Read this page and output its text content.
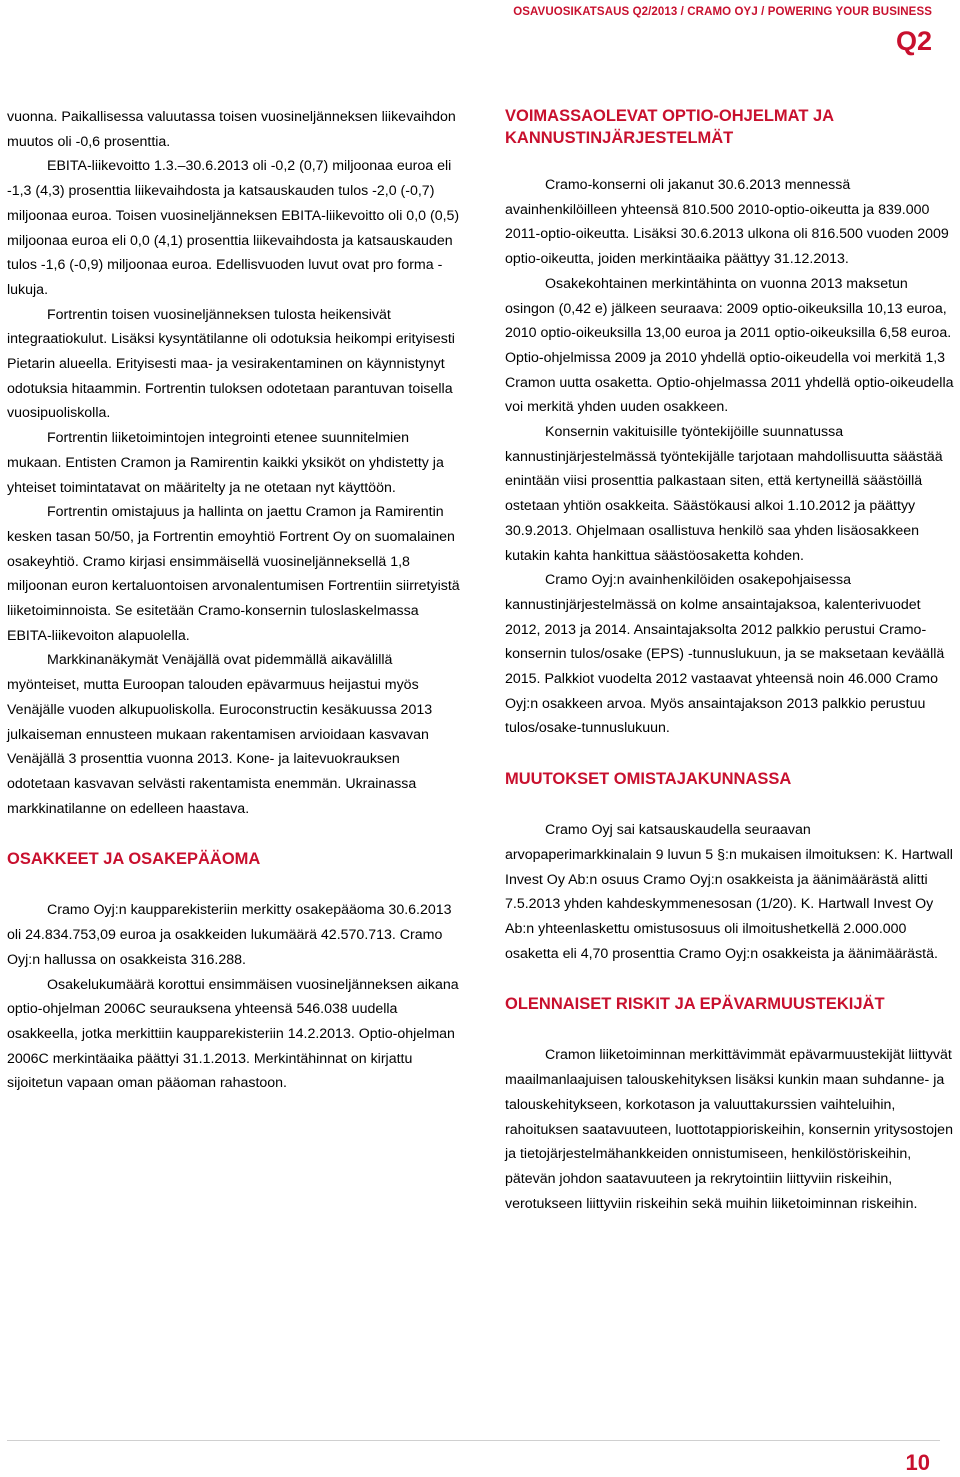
OSAVUOSIKATSAUS Q2/2013 / CRAMO OYJ / POWERING YOUR BUSINESS
Q2

vuonna. Paikallisessa valuutassa toisen vuosineljänneksen liikevaihdon muutos oli -0,6 prosenttia.

EBITA-liikevoitto 1.3.–30.6.2013 oli -0,2 (0,7) miljoonaa euroa eli -1,3 (4,3) prosenttia liikevaihdosta ja katsauskauden tulos -2,0 (-0,7) miljoonaa euroa. Toisen vuosineljänneksen EBITA-liikevoitto oli 0,0 (0,5) miljoonaa euroa eli 0,0 (4,1) prosenttia liikevaihdosta ja katsauskauden tulos -1,6 (-0,9) miljoonaa euroa. Edellisvuoden luvut ovat pro forma -lukuja.

Fortrentin toisen vuosineljänneksen tulosta heikensivät integraatiokulut. Lisäksi kysyntätilanne oli odotuksia heikompi erityisesti Pietarin alueella. Erityisesti maa- ja vesirakentaminen on käynnistynyt odotuksia hitaammin. Fortrentin tuloksen odotetaan parantuvan toisella vuosipuoliskolla.

Fortrentin liiketoimintojen integrointi etenee suunnitelmien mukaan. Entisten Cramon ja Ramirentin kaikki yksiköt on yhdistetty ja yhteiset toimintatavat on määritelty ja ne otetaan nyt käyttöön.

Fortrentin omistajuus ja hallinta on jaettu Cramon ja Ramirentin kesken tasan 50/50, ja Fortrentin emoyhtiö Fortrent Oy on suomalainen osakeyhtiö. Cramo kirjasi ensimmäisellä vuosineljänneksellä 1,8 miljoonan euron kertaluontoisen arvonalentumisen Fortrentiin siirretyistä liiketoiminnoista. Se esitetään Cramo-konsernin tuloslaskelmassa EBITA-liikevoiton alapuolella.

Markkinanäkymät Venäjällä ovat pidemmällä aikavälillä myönteiset, mutta Euroopan talouden epävarmuus heijastui myös Venäjälle vuoden alkupuoliskolla. Euroconstructin kesäkuussa 2013 julkaiseman ennusteen mukaan rakentamisen arvioidaan kasvavan Venäjällä 3 prosenttia vuonna 2013. Kone- ja laitevuokrauksen odotetaan kasvavan selvästi rakentamista enemmän. Ukrainassa markkinatilanne on edelleen haastava.

OSAKKEET JA OSAKEPÄÄOMA

Cramo Oyj:n kaupparekisteriin merkitty osakepääoma 30.6.2013 oli 24.834.753,09 euroa ja osakkeiden lukumäärä 42.570.713. Cramo Oyj:n hallussa on osakkeista 316.288.

Osakelukumäärä korottui ensimmäisen vuosineljänneksen aikana optio-ohjelman 2006C seurauksena yhteensä 546.038 uudella osakkeella, jotka merkittiin kaupparekisteriin 14.2.2013. Optio-ohjelman 2006C merkintäaika päättyi 31.1.2013. Merkintähinnat on kirjattu sijoitetun vapaan oman pääoman rahastoon.

VOIMASSAOLEVAT OPTIO-OHJELMAT JA KANNUSTINJÄRJESTELMÄT

Cramo-konserni oli jakanut 30.6.2013 mennessä avainhenkilöilleen yhteensä 810.500 2010-optio-oikeutta ja 839.000 2011-optio-oikeutta. Lisäksi 30.6.2013 ulkona oli 816.500 vuoden 2009 optio-oikeutta, joiden merkintäaika päättyy 31.12.2013.

Osakekohtainen merkintähinta on vuonna 2013 maksetun osingon (0,42 e) jälkeen seuraava: 2009 optio-oikeuksilla 10,13 euroa, 2010 optio-oikeuksilla 13,00 euroa ja 2011 optio-oikeuksilla 6,58 euroa. Optio-ohjelmissa 2009 ja 2010 yhdellä optio-oikeudella voi merkitä 1,3 Cramon uutta osaketta. Optio-ohjelmassa 2011 yhdellä optio-oikeudella voi merkitä yhden uuden osakkeen.

Konsernin vakituisille työntekijöille suunnatussa kannustinjärjestelmässä työntekijälle tarjotaan mahdollisuutta säästää enintään viisi prosenttia palkastaan siten, että kertyneillä säästöillä ostetaan yhtiön osakkeita. Säästökausi alkoi 1.10.2012 ja päättyy 30.9.2013. Ohjelmaan osallistuva henkilö saa yhden lisäosakkeen kutakin kahta hankittua säästöosaketta kohden.

Cramo Oyj:n avainhenkilöiden osakepohjaisessa kannustinjärjestelmässä on kolme ansaintajaksoa, kalenterivuodet 2012, 2013 ja 2014. Ansaintajaksolta 2012 palkkio perustui Cramo-konsernin tulos/osake (EPS) -tunnuslukuun, ja se maksetaan keväällä 2015. Palkkiot vuodelta 2012 vastaavat yhteensä noin 46.000 Cramo Oyj:n osakkeen arvoa. Myös ansaintajakson 2013 palkkio perustuu tulos/osake-tunnuslukuun.

MUUTOKSET OMISTAJAKUNNASSA

Cramo Oyj sai katsauskaudella seuraavan arvopaperimarkkinalain 9 luvun 5 §:n mukaisen ilmoituksen: K. Hartwall Invest Oy Ab:n osuus Cramo Oyj:n osakkeista ja äänimäärästä alitti 7.5.2013 yhden kahdeskymmenesosan (1/20). K. Hartwall Invest Oy Ab:n yhteenlaskettu omistusosuus oli ilmoitushetkellä 2.000.000 osaketta eli 4,70 prosenttia Cramo Oyj:n osakkeista ja äänimäärästä.

OLENNAISET RISKIT JA EPÄVARMUUSTEKIJÄT

Cramon liiketoiminnan merkittävimmät epävarmuustekijät liittyvät maailmanlaajuisen talouskehityksen lisäksi kunkin maan suhdanne- ja talouskehitykseen, korkotason ja valuuttakurssien vaihteluihin, rahoituksen saatavuuteen, luottotappioriskeihin, konsernin yritysostojen ja tietojärjestelmähankkeiden onnistumiseen, henkilöstöriskeihin, pätevän johdon saatavuuteen ja rekrytointiin liittyviin riskeihin, verotukseen liittyviin riskeihin sekä muihin liiketoiminnan riskeihin.

10
